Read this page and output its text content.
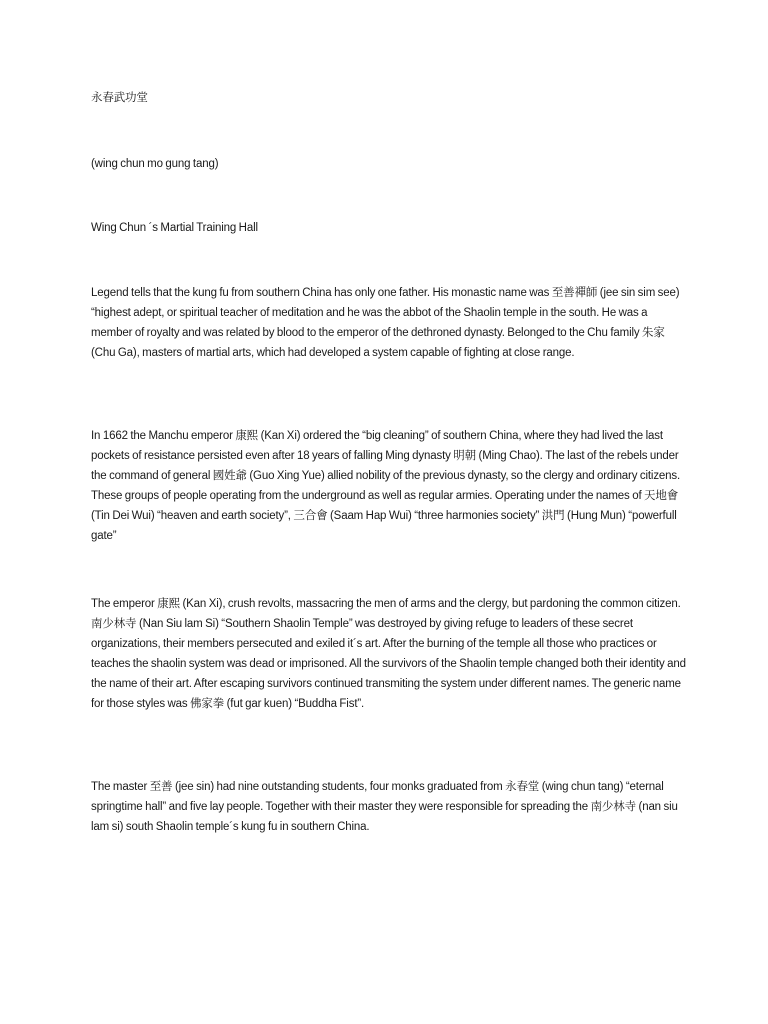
永春武功堂

(wing chun mo gung tang)

Wing Chun ´s Martial Training Hall

Legend tells that the kung fu from southern China has only one father. His monastic name was 至善禪師 (jee sin sim see) “highest adept, or spiritual teacher of meditation and he was the abbot of the Shaolin temple in the south. He was a member of royalty and was related by blood to the emperor of the dethroned dynasty. Belonged to the Chu family 朱家 (Chu Ga), masters of martial arts, which had developed a system capable of fighting at close range.

In 1662 the Manchu emperor 康熙 (Kan Xi) ordered the “big cleaning” of southern China, where they had lived the last pockets of resistance persisted even after 18 years of falling Ming dynasty 明朝 (Ming Chao). The last of the rebels under the command of general 國姓爺 (Guo Xing Yue) allied nobility of the previous dynasty, so the clergy and ordinary citizens. These groups of people operating from the underground as well as regular armies. Operating under the names of 天地會 (Tin Dei Wui) “heaven and earth society”, 三合會 (Saam Hap Wui) “three harmonies society” 洪門 (Hung Mun) “powerfull gate”

The emperor 康熙 (Kan Xi), crush revolts, massacring the men of arms and the clergy, but pardoning the common citizen. 南少林寺 (Nan Siu lam Si) “Southern Shaolin Temple” was destroyed by giving refuge to leaders of these secret organizations, their members persecuted and exiled it´s art. After the burning of the temple all those who practices or teaches the shaolin system was dead or imprisoned. All the survivors of the Shaolin temple changed both their identity and the name of their art. After escaping survivors continued transmiting the system under different names. The generic name for those styles was 佛家拳 (fut gar kuen) “Buddha Fist”.

The master 至善 (jee sin) had nine outstanding students, four monks graduated from 永春堂 (wing chun tang) “eternal springtime hall” and five lay people. Together with their master they were responsible for spreading the 南少林寺 (nan siu lam si) south Shaolin temple´s kung fu in southern China.
